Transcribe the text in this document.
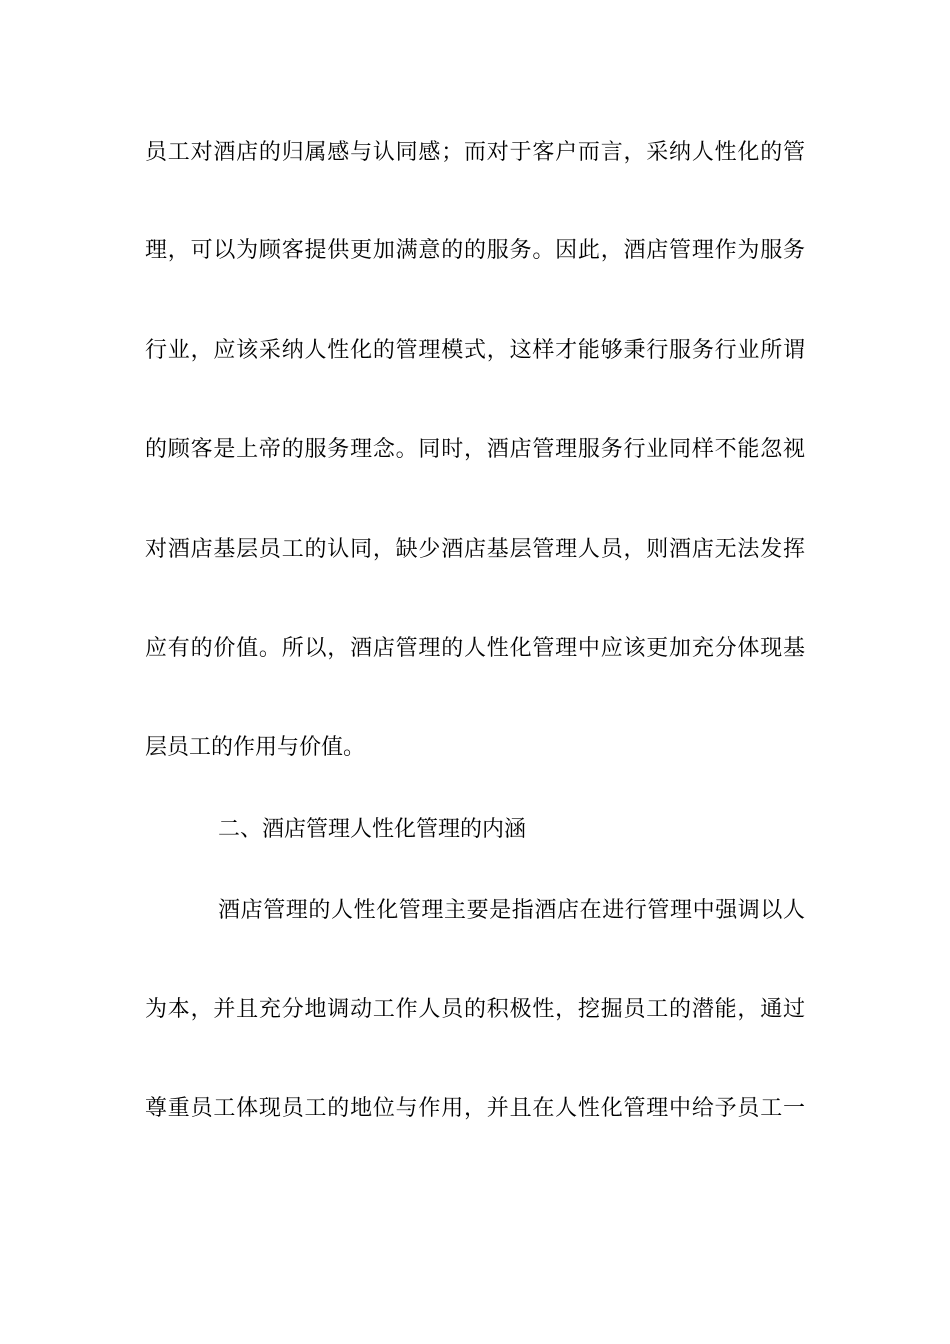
员工对酒店的归属感与认同感；而对于客户而言，采纳人性化的管
理，可以为顾客提供更加满意的的服务。因此，酒店管理作为服务
行业，应该采纳人性化的管理模式，这样才能够秉行服务行业所谓
的顾客是上帝的服务理念。同时，酒店管理服务行业同样不能忽视
对酒店基层员工的认同，缺少酒店基层管理人员，则酒店无法发挥
应有的价值。所以，酒店管理的人性化管理中应该更加充分体现基
层员工的作用与价值。
二、酒店管理人性化管理的内涵
酒店管理的人性化管理主要是指酒店在进行管理中强调以人
为本，并且充分地调动工作人员的积极性，挖掘员工的潜能，通过
尊重员工体现员工的地位与作用，并且在人性化管理中给予员工一
